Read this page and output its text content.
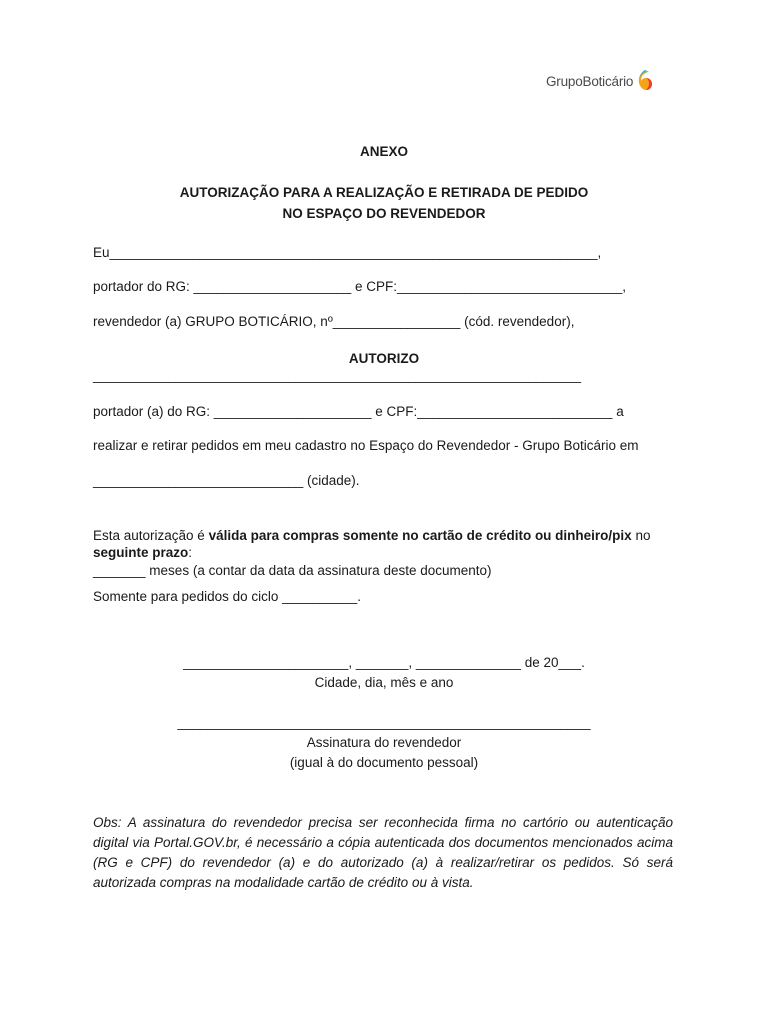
GrupoBoticário
ANEXO
AUTORIZAÇÃO PARA A REALIZAÇÃO E RETIRADA DE PEDIDO
NO ESPAÇO DO REVENDEDOR
Eu_________________________________________________________________,
portador do RG: _____________________ e CPF:______________________________,
revendedor (a) GRUPO BOTICÁRIO, nº_________________ (cód. revendedor),
AUTORIZO
_________________________________________________________________
portador (a) do RG: _____________________ e CPF:__________________________ a
realizar e retirar pedidos em meu cadastro no Espaço do Revendedor - Grupo Boticário em
____________________________ (cidade).
Esta autorização é válida para compras somente no cartão de crédito ou dinheiro/pix no seguinte prazo:
_______ meses (a contar da data da assinatura deste documento)
Somente para pedidos do ciclo __________.
______________________, _______, ______________ de 20___.
Cidade, dia, mês e ano
_______________________________________________________
Assinatura do revendedor
(igual à do documento pessoal)
Obs: A assinatura do revendedor precisa ser reconhecida firma no cartório ou autenticação digital via Portal.GOV.br, é necessário a cópia autenticada dos documentos mencionados acima (RG e CPF) do revendedor (a) e do autorizado (a) à realizar/retirar os pedidos. Só será autorizada compras na modalidade cartão de crédito ou à vista.
